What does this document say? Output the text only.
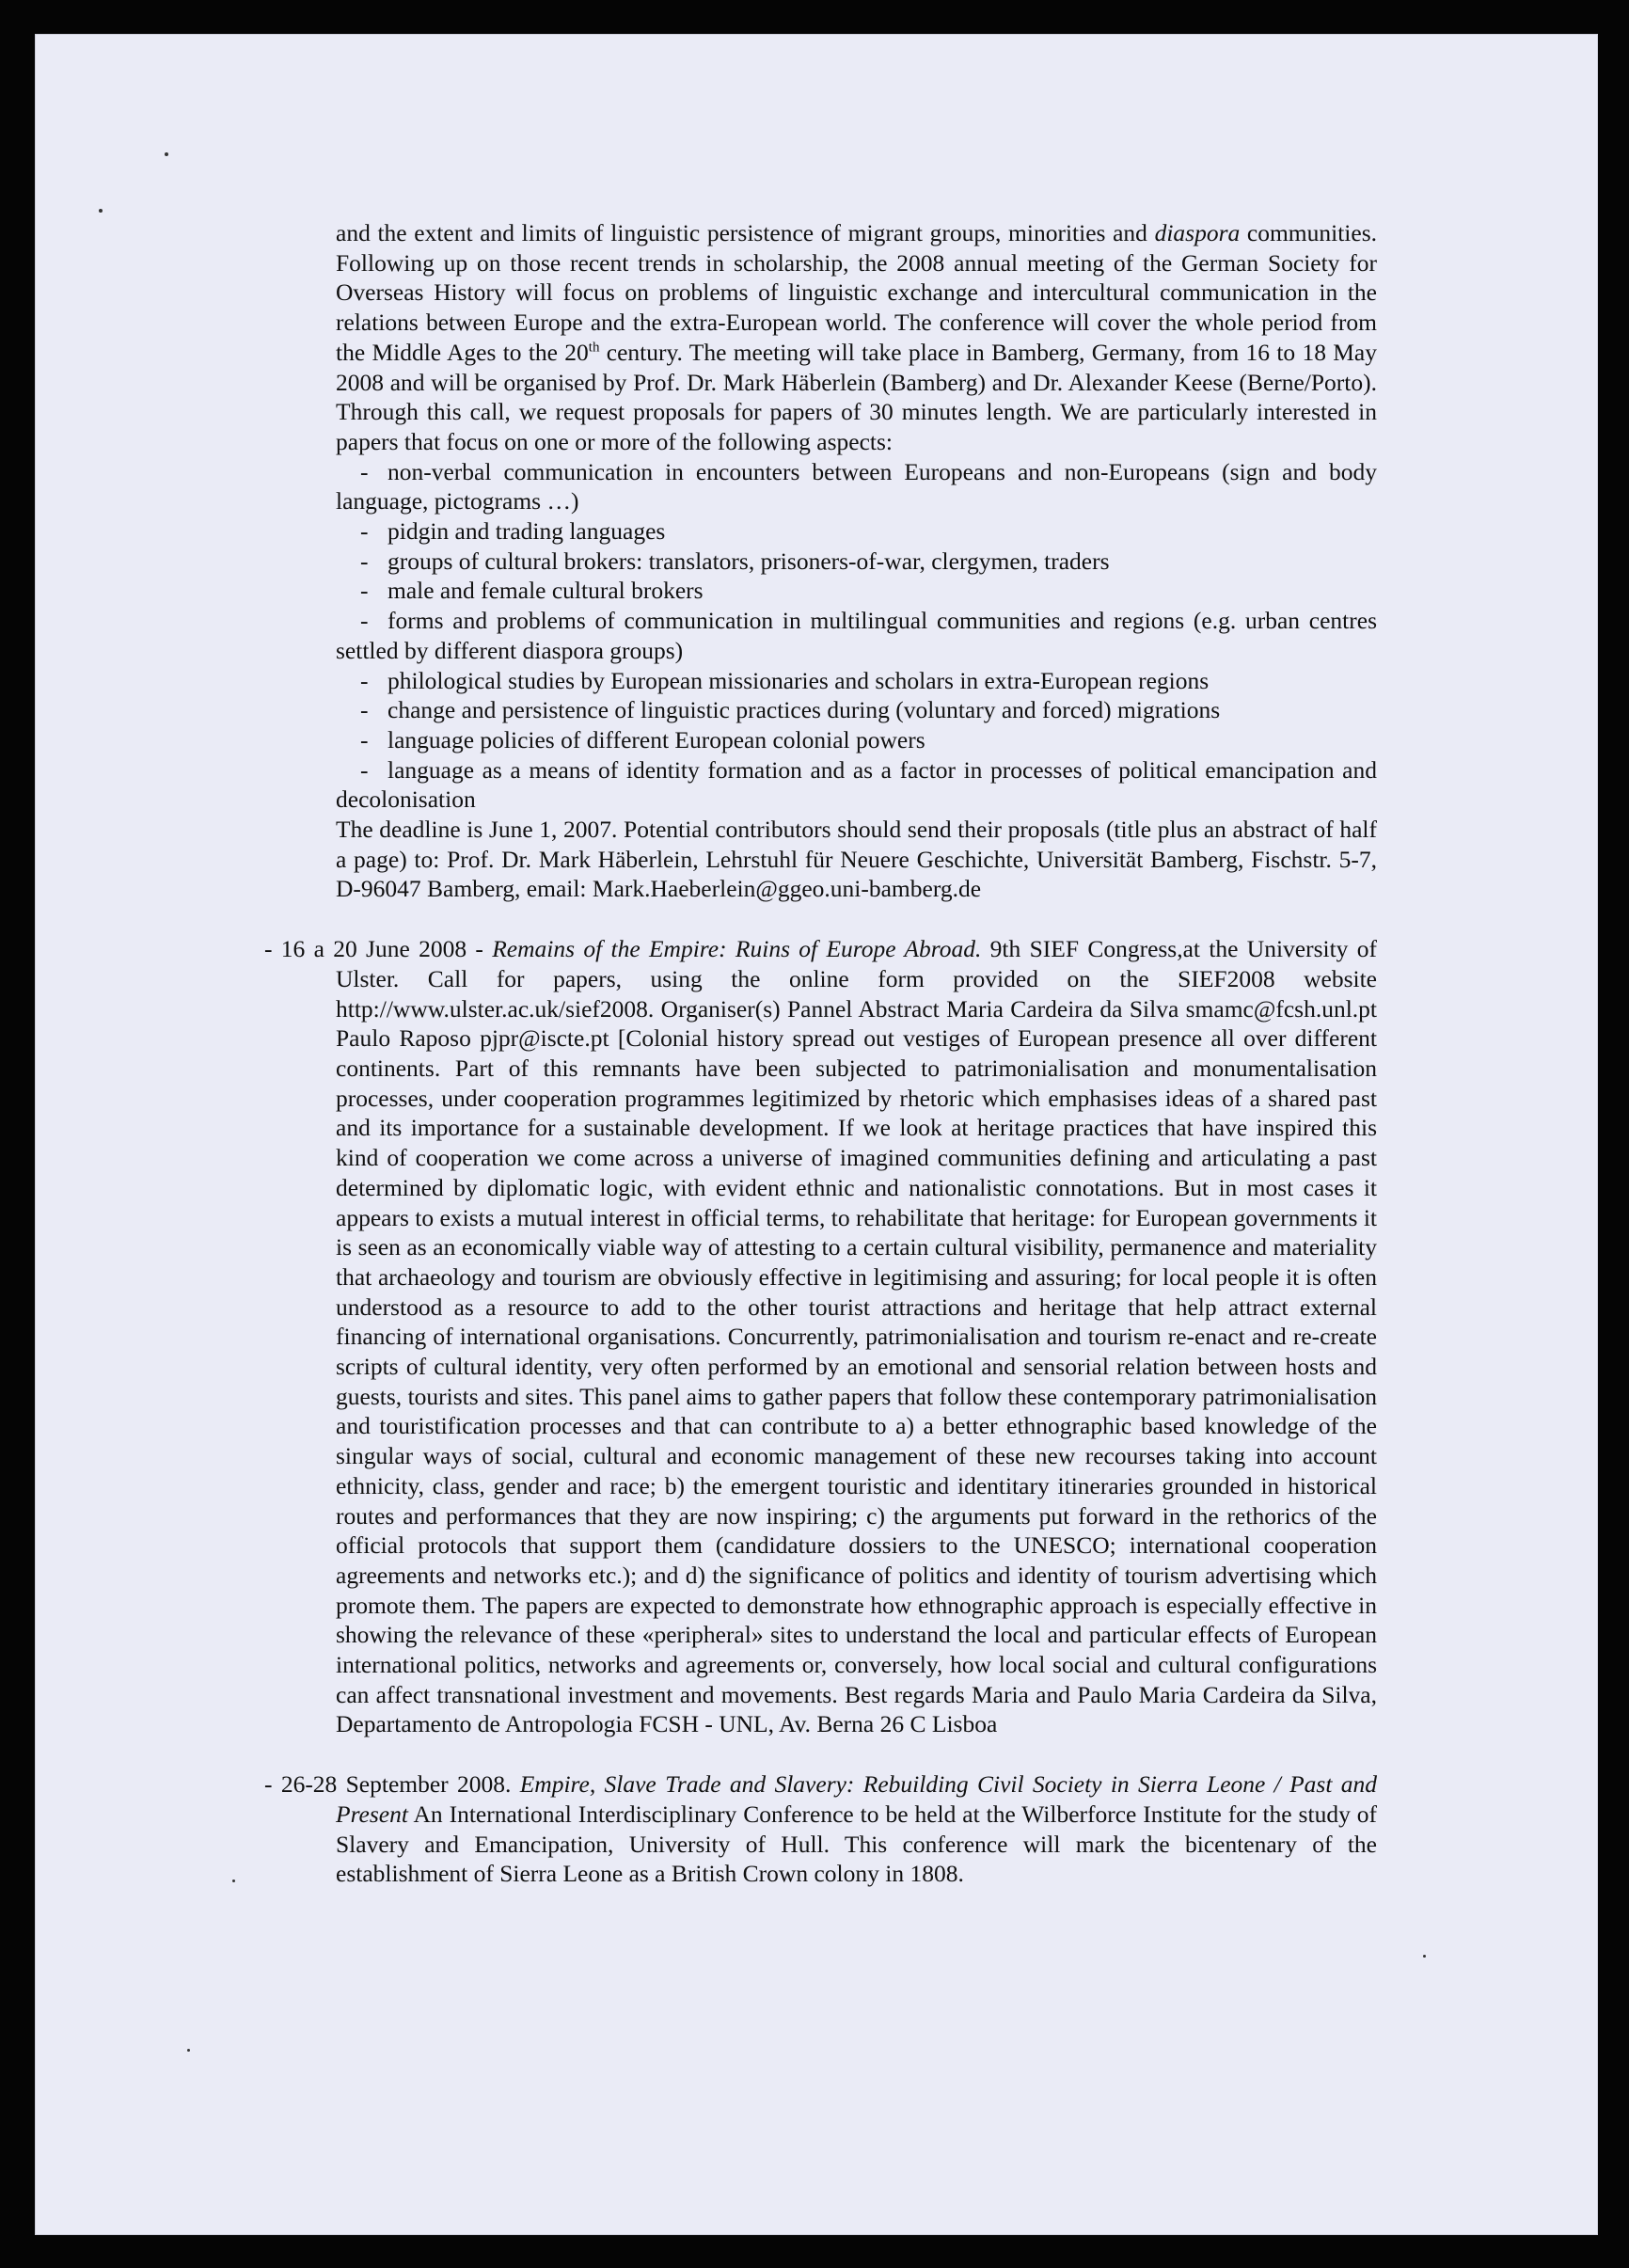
and the extent and limits of linguistic persistence of migrant groups, minorities and diaspora communities. Following up on those recent trends in scholarship, the 2008 annual meeting of the German Society for Overseas History will focus on problems of linguistic exchange and intercultural communication in the relations between Europe and the extra-European world. The conference will cover the whole period from the Middle Ages to the 20th century. The meeting will take place in Bamberg, Germany, from 16 to 18 May 2008 and will be organised by Prof. Dr. Mark Häberlein (Bamberg) and Dr. Alexander Keese (Berne/Porto). Through this call, we request proposals for papers of 30 minutes length. We are particularly interested in papers that focus on one or more of the following aspects:

- non-verbal communication in encounters between Europeans and non-Europeans (sign and body language, pictograms …)
- pidgin and trading languages
- groups of cultural brokers: translators, prisoners-of-war, clergymen, traders
- male and female cultural brokers
- forms and problems of communication in multilingual communities and regions (e.g. urban centres settled by different diaspora groups)
- philological studies by European missionaries and scholars in extra-European regions
- change and persistence of linguistic practices during (voluntary and forced) migrations
- language policies of different European colonial powers
- language as a means of identity formation and as a factor in processes of political emancipation and decolonisation

The deadline is June 1, 2007. Potential contributors should send their proposals (title plus an abstract of half a page) to: Prof. Dr. Mark Häberlein, Lehrstuhl für Neuere Geschichte, Universität Bamberg, Fischstr. 5-7, D-96047 Bamberg, email: Mark.Haeberlein@ggeo.uni-bamberg.de

- 16 a 20 June 2008 - Remains of the Empire: Ruins of Europe Abroad. 9th SIEF Congress,at the University of Ulster. Call for papers, using the online form provided on the SIEF2008 website http://www.ulster.ac.uk/sief2008. Organiser(s) Pannel Abstract Maria Cardeira da Silva smamc@fcsh.unl.pt Paulo Raposo pjpr@iscte.pt [Colonial history spread out vestiges of European presence all over different continents. Part of this remnants have been subjected to patrimonialisation and monumentalisation processes, under cooperation programmes legitimized by rhetoric which emphasises ideas of a shared past and its importance for a sustainable development. If we look at heritage practices that have inspired this kind of cooperation we come across a universe of imagined communities defining and articulating a past determined by diplomatic logic, with evident ethnic and nationalistic connotations. But in most cases it appears to exists a mutual interest in official terms, to rehabilitate that heritage: for European governments it is seen as an economically viable way of attesting to a certain cultural visibility, permanence and materiality that archaeology and tourism are obviously effective in legitimising and assuring; for local people it is often understood as a resource to add to the other tourist attractions and heritage that help attract external financing of international organisations. Concurrently, patrimonialisation and tourism re-enact and re-create scripts of cultural identity, very often performed by an emotional and sensorial relation between hosts and guests, tourists and sites. This panel aims to gather papers that follow these contemporary patrimonialisation and touristification processes and that can contribute to a) a better ethnographic based knowledge of the singular ways of social, cultural and economic management of these new recourses taking into account ethnicity, class, gender and race; b) the emergent touristic and identitary itineraries grounded in historical routes and performances that they are now inspiring; c) the arguments put forward in the rethorics of the official protocols that support them (candidature dossiers to the UNESCO; international cooperation agreements and networks etc.); and d) the significance of politics and identity of tourism advertising which promote them. The papers are expected to demonstrate how ethnographic approach is especially effective in showing the relevance of these «peripheral» sites to understand the local and particular effects of European international politics, networks and agreements or, conversely, how local social and cultural configurations can affect transnational investment and movements. Best regards Maria and Paulo Maria Cardeira da Silva, Departamento de Antropologia FCSH - UNL, Av. Berna 26 C Lisboa

- 26-28 September 2008. Empire, Slave Trade and Slavery: Rebuilding Civil Society in Sierra Leone / Past and Present An International Interdisciplinary Conference to be held at the Wilberforce Institute for the study of Slavery and Emancipation, University of Hull. This conference will mark the bicentenary of the establishment of Sierra Leone as a British Crown colony in 1808.
